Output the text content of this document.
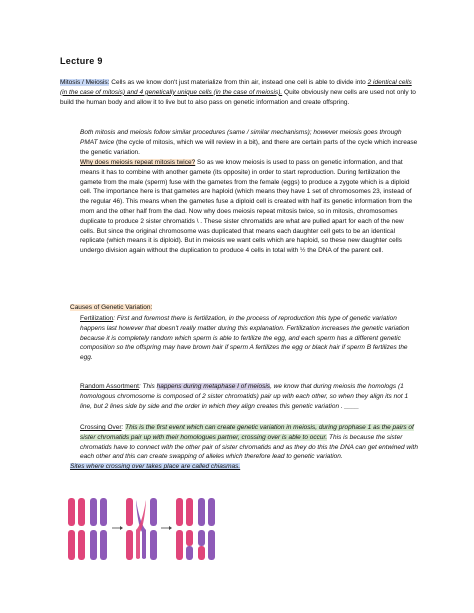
Lecture 9

Mitosis / Meiosis: Cells as we know don't just materialize from thin air, instead one cell is able to divide into 2 identical cells (in the case of mitosis) and 4 genetically unique cells (in the case of meiosis). Quite obviously new cells are used not only to build the human body and allow it to live but to also pass on genetic information and create offspring.

Both mitosis and meiosis follow similar procedures (same / similar mechanisms); however meiosis goes through PMAT twice (the cycle of mitosis, which we will review in a bit), and there are certain parts of the cycle which increase the genetic variation.

Why does meiosis repeat mitosis twice? So as we know meiosis is used to pass on genetic information, and that means it has to combine with another gamete (its opposite) in order to start reproduction. During fertilization the gamete from the male (sperm) fuse with the gametes from the female (eggs) to produce a zygote which is a diploid cell. The importance here is that gametes are haploid (which means they have 1 set of chromosomes 23, instead of the regular 46). This means when the gametes fuse a diploid cell is created with half its genetic information from the mom and the other half from the dad. Now why does meiosis repeat mitosis twice, so in mitosis, chromosomes duplicate to produce 2 sister chromatids \ . These sister chromatids are what are pulled apart for each of the new cells. But since the original chromosome was duplicated that means each daughter cell gets to be an identical replicate (which means it is diploid). But in meiosis we want cells which are haploid, so these new daughter cells undergo division again without the duplication to produce 4 cells in total with ½ the DNA of the parent cell.

Causes of Genetic Variation:

Fertilization: First and foremost there is fertilization, in the process of reproduction this type of genetic variation happens last however that doesn't really matter during this explanation. Fertilization increases the genetic variation because it is completely random which sperm is able to fertilize the egg, and each sperm has a different genetic composition so the offspring may have brown hair if sperm A fertilizes the egg or black hair if sperm B fertilizes the egg.

Random Assortment: This happens during metaphase I of meiosis, we know that during meiosis the homologs (1 homologous chromosome is composed of 2 sister chromatids) pair up with each other, so when they align its not 1 line, but 2 lines side by side and the order in which they align creates this genetic variation . ____

Crossing Over: This is the first event which can create genetic variation in meiosis, during prophase 1 as the pairs of sister chromatids pair up with their homologues partner, crossing over is able to occur. This is because the sister chromatids have to connect with the other pair of sister chromatids and as they do this the DNA can get entwined with each other and this can create swapping of alleles which therefore lead to genetic variation.

Sites where crossing over takes place are called chiasmas.
